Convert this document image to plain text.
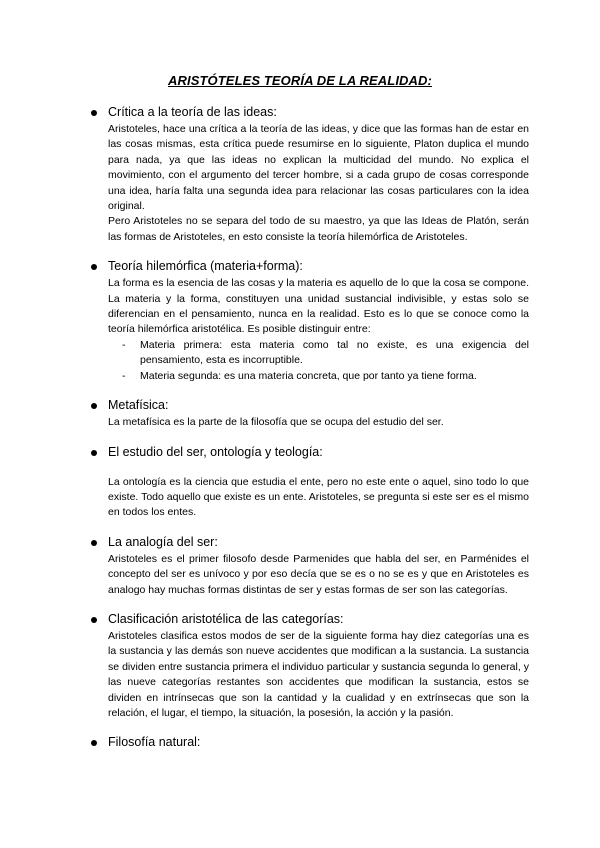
ARISTÓTELES TEORÍA DE LA REALIDAD:
Crítica a la teoría de las ideas:

Aristoteles, hace una crítica a la teoría de las ideas, y dice que las formas han de estar en las cosas mismas, esta crítica puede resumirse en lo siguiente, Platon duplica el mundo para nada, ya que las ideas no explican la multicidad del mundo. No explica el movimiento, con el argumento del tercer hombre, si a cada grupo de cosas corresponde una idea, haría falta una segunda idea para relacionar las cosas particulares con la idea original.

Pero Aristoteles no se separa del todo de su maestro, ya que las Ideas de Platón, serán las formas de Aristoteles, en esto consiste la teoría hilemórfica de Aristoteles.

Teoría hilemórfica (materia+forma):

La forma es la esencia de las cosas y la materia es aquello de lo que la cosa se compone. La materia y la forma, constituyen una unidad sustancial indivisible, y estas solo se diferencian en el pensamiento, nunca en la realidad. Esto es lo que se conoce como la teoría hilemórfica aristotélica. Es posible distinguir entre:

- Materia primera: esta materia como tal no existe, es una exigencia del pensamiento, esta es incorruptible.
- Materia segunda: es una materia concreta, que por tanto ya tiene forma.
Metafísica:

La metafísica es la parte de la filosofía que se ocupa del estudio del ser.

El estudio del ser, ontología y teología:

La ontología es la ciencia que estudia el ente, pero no este ente o aquel, sino todo lo que existe. Todo aquello que existe es un ente. Aristoteles, se pregunta si este ser es el mismo en todos los entes.

La analogía del ser:

Aristoteles es el primer filosofo desde Parmenides que habla del ser, en Parménides el concepto del ser es unívoco y por eso decía que se es o no se es y que en Aristoteles es analogo hay muchas formas distintas de ser y estas formas de ser son las categorías.

Clasificación aristotélica de las categorías:

Aristoteles clasifica estos modos de ser de la siguiente forma hay diez categorías una es la sustancia y las demás son nueve accidentes que modifican a la sustancia. La sustancia se dividen entre sustancia primera el individuo particular y sustancia segunda lo general, y las nueve categorías restantes son accidentes que modifican la sustancia, estos se dividen en intrínsecas que son la cantidad y la cualidad y en extrínsecas que son la relación, el lugar, el tiempo, la situación, la posesión, la acción y la pasión.

Filosofía natural:
